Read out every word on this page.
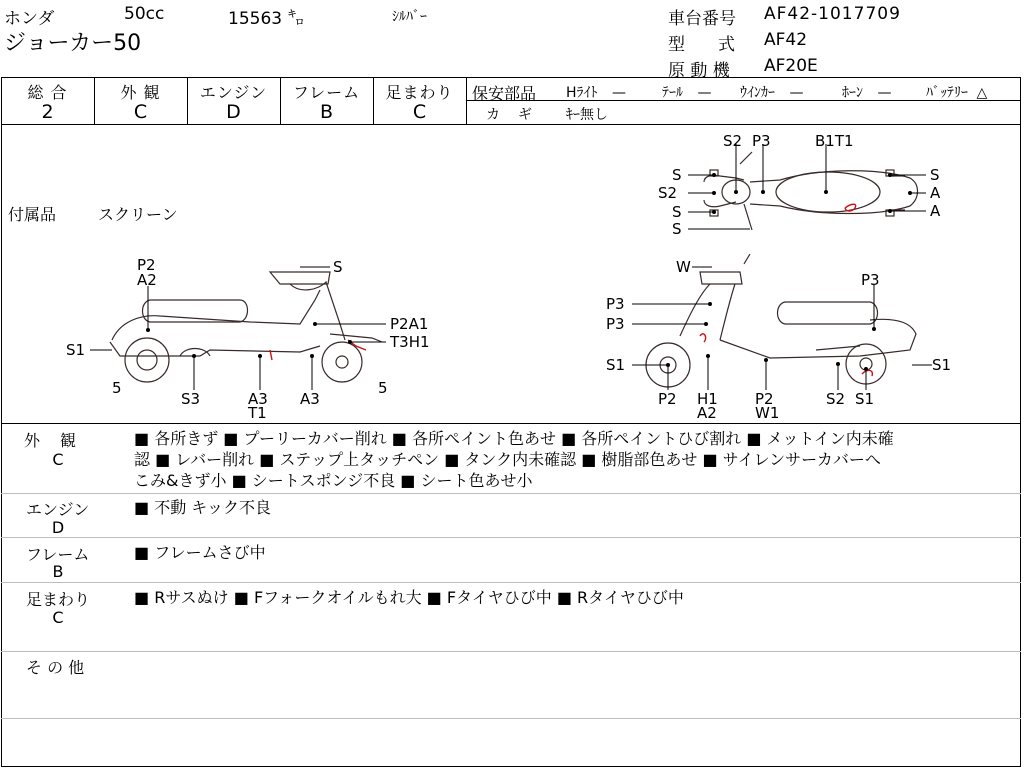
ホンダ	50cc	15563 ㌔	ｼﾙﾊﾞｰ
ジョーカー50
車台番号 AF42-1017709
型　式 AF42
原 動 機 AF20E
総 合
2
外 観
C
エンジン
D
フレーム
B
足まわり
C
保安部品 Hﾗｲﾄ —	ﾃｰﾙ — ｳｲﾝｶｰ —	ﾎｰﾝ — ﾊﾞｯﾃﾘｰ △
カ　ギ ｷｰ無し
付属品	スクリーン
S2 P3	B1T1
S
S2
S
S
S
A
A
P2
A2
S
S1
P2A1
T3H1
5
S3	A3
T1
A3
5
W
P3
P3
P3
S1	S1
P2 H1
A2
P2
W1
S2 S1
外　観
C
■ 各所きず ■ プーリーカバー削れ ■ 各所ペイント色あせ ■ 各所ペイントひび割れ ■ メットイン内未確
認 ■ レバー削れ ■ ステップ上タッチペン ■ タンク内未確認 ■ 樹脂部色あせ ■ サイレンサーカバーへ
こみ&きず小 ■ シートスポンジ不良 ■ シート色あせ小
エンジン
D
■ 不動 キック不良
フレーム
B
■ フレームさび中
足まわり
C
■ Rサスぬけ ■ Fフォークオイルもれ大 ■ Fタイヤひび中 ■ Rタイヤひび中
そ の 他
